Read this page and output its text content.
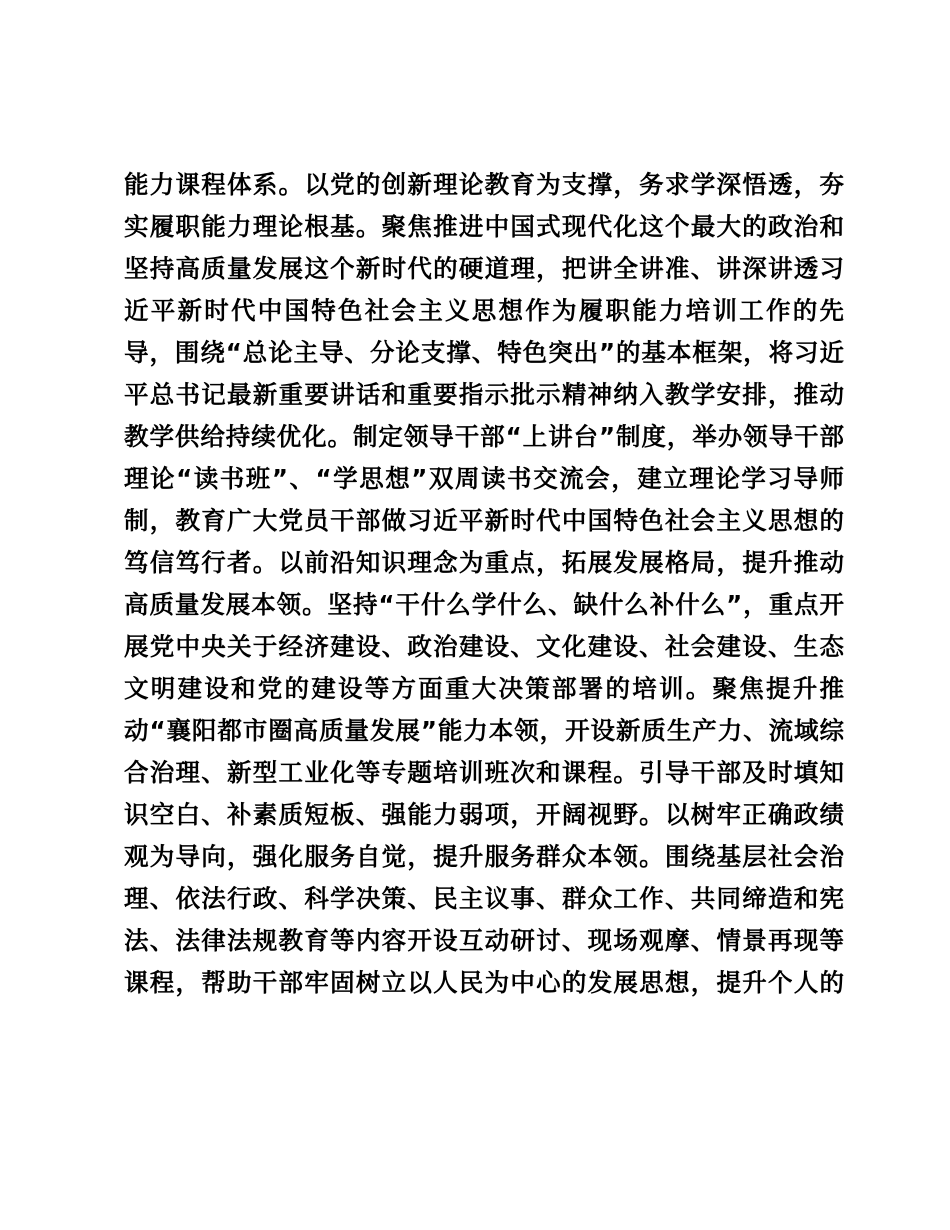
能力课程体系。以党的创新理论教育为支撑，务求学深悟透，夯
实履职能力理论根基。聚焦推进中国式现代化这个最大的政治和
坚持高质量发展这个新时代的硬道理，把讲全讲准、讲深讲透习
近平新时代中国特色社会主义思想作为履职能力培训工作的先
导，围绕“总论主导、分论支撑、特色突出”的基本框架，将习近
平总书记最新重要讲话和重要指示批示精神纳入教学安排，推动
教学供给持续优化。制定领导干部“上讲台”制度，举办领导干部
理论“读书班”、“学思想”双周读书交流会，建立理论学习导师
制，教育广大党员干部做习近平新时代中国特色社会主义思想的
笃信笃行者。以前沿知识理念为重点，拓展发展格局，提升推动
高质量发展本领。坚持“干什么学什么、缺什么补什么”，重点开
展党中央关于经济建设、政治建设、文化建设、社会建设、生态
文明建设和党的建设等方面重大决策部署的培训。聚焦提升推
动“襄阳都市圈高质量发展”能力本领，开设新质生产力、流域综
合治理、新型工业化等专题培训班次和课程。引导干部及时填知
识空白、补素质短板、强能力弱项，开阔视野。以树牢正确政绩
观为导向，强化服务自觉，提升服务群众本领。围绕基层社会治
理、依法行政、科学决策、民主议事、群众工作、共同缔造和宪
法、法律法规教育等内容开设互动研讨、现场观摩、情景再现等
课程，帮助干部牢固树立以人民为中心的发展思想，提升个人的
